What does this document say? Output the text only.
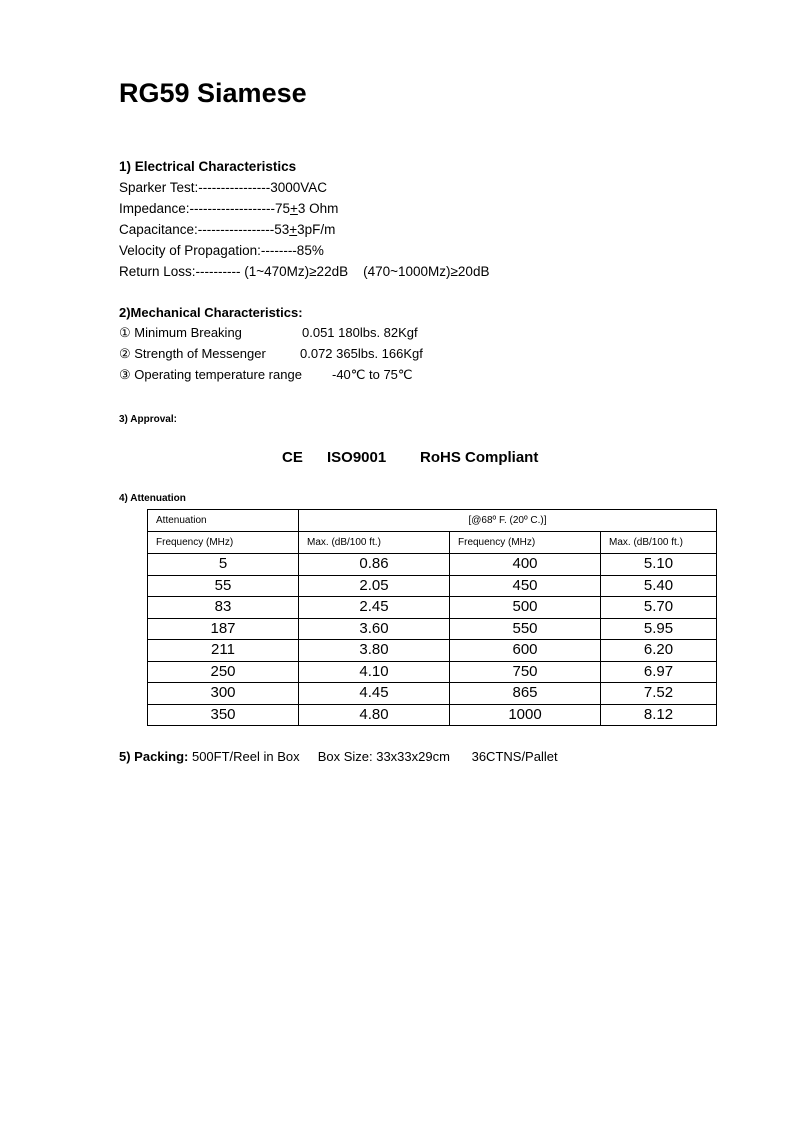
RG59 Siamese
1) Electrical Characteristics
Sparker Test:----------------3000VAC
Impedance:-------------------75+3 Ohm
Capacitance:-----------------53+3pF/m
Velocity of Propagation:--------85%
Return Loss:---------- (1~470Mz)≥22dB    (470~1000Mz)≥20dB
2)Mechanical Characteristics:
① Minimum Breaking	0.051 180lbs. 82Kgf
② Strength of Messenger	0.072 365lbs. 166Kgf
③ Operating temperature range -40℃ to 75℃
3) Approval:
CE ISO9001 RoHS Compliant
4) Attenuation
Attenuation	[@68º F. (20º C.)]		
Frequency (MHz)	Max. (dB/100 ft.)	Frequency (MHz)	Max. (dB/100 ft.)
5	0.86	400	5.10
55	2.05	450	5.40
83	2.45	500	5.70
187	3.60	550	5.95
211	3.80	600	6.20
250	4.10	750	6.97
300	4.45	865	7.52
350	4.80	1000	8.12
5) Packing: 500FT/Reel in Box     Box Size: 33x33x29cm      36CTNS/Pallet
